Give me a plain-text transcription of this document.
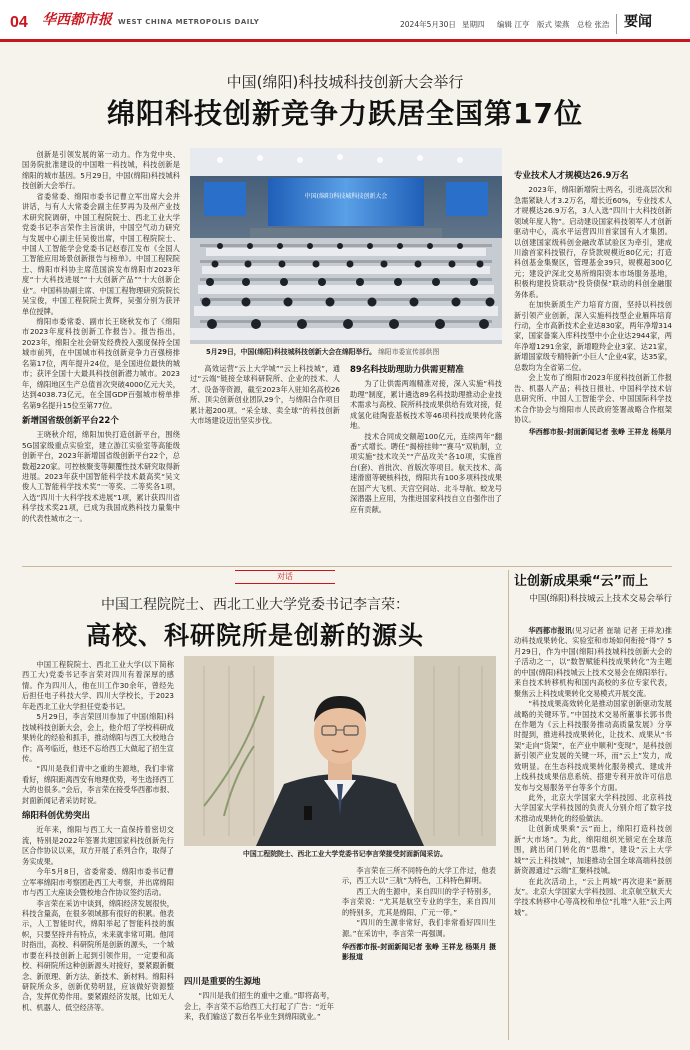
04 华西都市报 WEST CHINA METROPOLIS DAILY	2024年5月30日 星期四 编辑 江亨 版式 梁燕 总检 张浩 要闻
中国(绵阳)科技城科技创新大会举行
绵阳科技创新竞争力跃居全国第17位

创新是引领发展的第一动力。作为党中央、国务院批准建设的中国唯一科技城，科技创新是绵阳的城市基因。5月29日，中国(绵阳)科技城科技创新大会举行。

省委常委、绵阳市委书记曹立军出席大会并讲话，与有人大常委会副主任罗再为及州产业技术研究院调研，中国工程院院士、西北工业大学党委书记李言荣作主旨演讲，中国空气动力研究与发展中心副主任吴俊出席，中国工程院院士、中国人工智能学会党委书记赵春江发布《全国人工智能应用场景创新报告与榜单》。中国工程院院士、绵阳市科协主席范国滨发布绵阳市2023年度“十大科技进展”“十大创新产品”“十大创新企业”。中国科协副主席、中国工程物理研究院院长吴宝俊，中国工程院院士黄辉，吴强分别为获评单位授牌。

绵阳市委常委、副市长王晓秋发布了《绵阳市2023年度科技创新工作报告》。报告指出，2023年，绵阳全社会研发经费投入强度保持全国城市前列，在中国城市科技创新竞争力百强榜排名第17位，两年提升24位，是全国进位最快的城市；获评全国十大最具科技创新潜力城市。2023年，绵阳地区生产总值首次突破4000亿元大关，达到4038.73亿元，在全国GDP百强城市榜单排名第9名提升15位至第77位。

新增国省级创新平台22个

王晓秋介绍，绵阳加快打造创新平台，围绕5G国家级重点实验室，建立游江实验室等高能级创新平台，2023年新增国省级创新平台22个，总数超220家。可控核聚变等颠覆性技术研究取得新进展。2023年获中国智能科学技术最高奖“吴文俊人工智能科学技术奖”一等奖、二等奖各1项，入选“四川十大科学技术进展”1项，累计获四川省科学技术奖21项，已成为我国成熟科技力量集中的代表性城市之一。

中国(绵阳)科技城科技创新大会
5月29日，中国(绵阳)科技城科技创新大会在绵阳举行。 绵阳市委宣传部供图

高效运营“云上大学城”“云上科技城”，通过“云端”链接全球科研院所、企业的技术、人才、设备等资源，截至2023年入驻知名高校26所、顶尖创新创业团队29个，与绵阳合作项目累计超200项。“采全球、卖全球”的科技创新大市场建设迈出坚实步伐。

89名科技助理助力供需更精准

为了让供需两端精准对接，深入实施“科技助理”制度，累计遴选89名科技助理推动企业技术需求与高校、院所科技成果供给有效对接，促成氢化硅陶瓷基板技术等46项科技成果转化落地。

技术合同成交额超100亿元，连续两年“翻番”式增长。聘任“揭榜挂帅”“赛马”双轨制，立项实施“技术攻关”“产品攻关”各10项，实施首台(套)、首批次、首版次等项目。航天技术、高速滑窗等硬核科技，绵阳共有100多项科技成果在国产大飞机、天宫空间站、北斗导航、蛟龙号深潜器上应用，为推进国家科技自立自强作出了应有贡献。

专业技术人才规模达26.9万名

2023年，绵阳新增院士两名，引进高层次和急需紧缺人才3.2万名，增长近60%，专业技术人才规模达26.9万名，3人入选“四川十大科技创新领域年度人物”。启动建设国家科技领军人才创新驱动中心，高水平运营四川首家国有人才集团。以创建国家级科创金融改革试验区为牵引，建成川渝首家科技银行，存贷款规模近80亿元；打造科创基金集聚区，管理基金39只，规模超300亿元；建设沪深北交易所绵阳资本市场服务基地，积极构建投贷联动“投贷债保”联动的科创金融服务体系。

在加快新质生产力培育方面，坚持以科技创新引领产业创新，深入实施科技型企业雁阵培育行动，全市高新技术企业达830家，两年净增314家，国家备案入库科技型中小企业达2944家，两年净增1291余家，新增瞪羚企业3家、达21家，新增国家级专精特新“小巨人”企业4家，达35家，总数均为全省第二位。

会上发布了绵阳市2023年度科技创新工作报告、机器人产品；科技日报社、中国科学技术信息研究所、中国人工智能学会、中国国际科学技术合作协会与绵阳市人民政府签署战略合作框架协议。

华西都市报-封面新闻记者 张峥 王祥龙 杨渠月

对话
中国工程院院士、西北工业大学党委书记李言荣：
高校、科研院所是创新的源头

中国工程院院士、西北工业大学(以下简称西工大)党委书记李言荣对四川有着深厚的感情。作为四川人，他在川工作30余年，曾经先后担任电子科技大学、四川大学校长，于2023年赴西北工业大学担任党委书记。

5月29日，李言荣回川参加了中国(绵阳)科技城科技创新大会，会上，他介绍了学校科研成果转化的经验和抓手，推动绵阳与西工大校地合作；高考临近，他还不忘给西工大做起了招生宣传。

“四川是我们青中之重的生源地，我们非常看好，绵阳距离西安有地理优势，考生选择西工大的也很多。”会后，李言荣在接受华西都市报、封面新闻记者采访时说。

绵阳科创优势突出

近年来，绵阳与西工大一直保持着密切交流，特别是2022年签署共建国家科技创新先行区合作协议以来，双方开展了系列合作，取得了务实成果。

今年5月8日，省委常委、绵阳市委书记曹立军率绵阳市考察团赴西工大考察，并出席绵阳市与西工大座谈会暨校地合作协议签约活动。

李言荣在采访中谈到，绵阳经济发展很快，科技含量高，在很多领域都有很好的积累。他表示，人工智能时代，绵阳举起了智能科技的旗帜，只要坚持并有特点，未来就非常可期。他同时指出，高校、科研院所是创新的源头，一个城市要在科技创新上起到引领作用，一定要和高校、科研院所这种创新源头对接好，要紧跟新概念、新原理、新方法、新技术、新材料。绵阳科研院所众多，创新优势明显，应该做好资源整合，发挥优势作用。要紧跟经济发展，比如无人机、机器人、低空经济等。

中国工程院院士、西北工业大学党委书记李言荣接受封面新闻采访。
四川是重要的生源地

“四川是我们招生的重中之重。”即将高考，会上，李言荣不忘给西工大打起了广告：“近年来，我们输送了数百名毕业生到绵阳就业。”

李言荣在三所不同特色的大学工作过，他表示，西工大以“三航”为特色，工科特色鲜明。

西工大的生源中，来自四川的学子特别多，李言荣说：“尤其是航空专业的学生，来自四川的特别多，尤其是绵阳、广元一带。”

“四川的生源非常好，我们非常看好四川生源。”在采访中，李言荣一再强调。

华西都市报-封面新闻记者 张峥 王祥龙 杨渠月 摄影报道

让创新成果乘“云”而上
中国(绵阳)科技城云上技术交易会举行

华西都市报讯(见习记者 崔瑞 记者 王祥龙)推动科技成果转化、实验室和市场如何衔接“得”？5月29日，作为中国(绵阳)科技城科技创新大会的子活动之一，以“数智赋能科技成果转化”为主题的中国(绵阳)科技城云上技术交易会在绵阳举行。来自技术转移机构和国内高校的多位专家代表，聚焦云上科技成果转化交易模式开展交流。

“科技成果高效转化是推动国家创新驱动发展战略的关键环节。”中国技术交易所董事长郭书贵在作题为《云上科技服务推动高质量发展》分享时提到，推进科技成果转化，让技术、成果从“书架”走向“货架”，在产业中顺利“变现”，是科技创新引领产业发展的关键一环，而“云上”发力，成效明显。在生态科技成果转化服务模式、建成并上线科技成果信息系统、搭建专利开放许可信息发布与交易服务平台等多个方面。

此外，北京大学国家大学科技园、北京科技大学国家大学科技园的负责人分别介绍了数字技术推动成果转化的经验做法。

让创新成果乘“云”而上，绵阳打造科技创新“大市场”。为此，绵阳组织光锁定在全球范围，跳出闭门转化的“思维”，建设“云上大学城”“云上科技城”，加速推动全国全球高端科技创新资源通过“云端”汇聚科技城。

在此次活动上，“云上两城”再次迎来“新朋友”。北京大学国家大学科技园、北京航空航天大学技术转移中心等高校和单位“扎堆”入驻“云上两城”。
